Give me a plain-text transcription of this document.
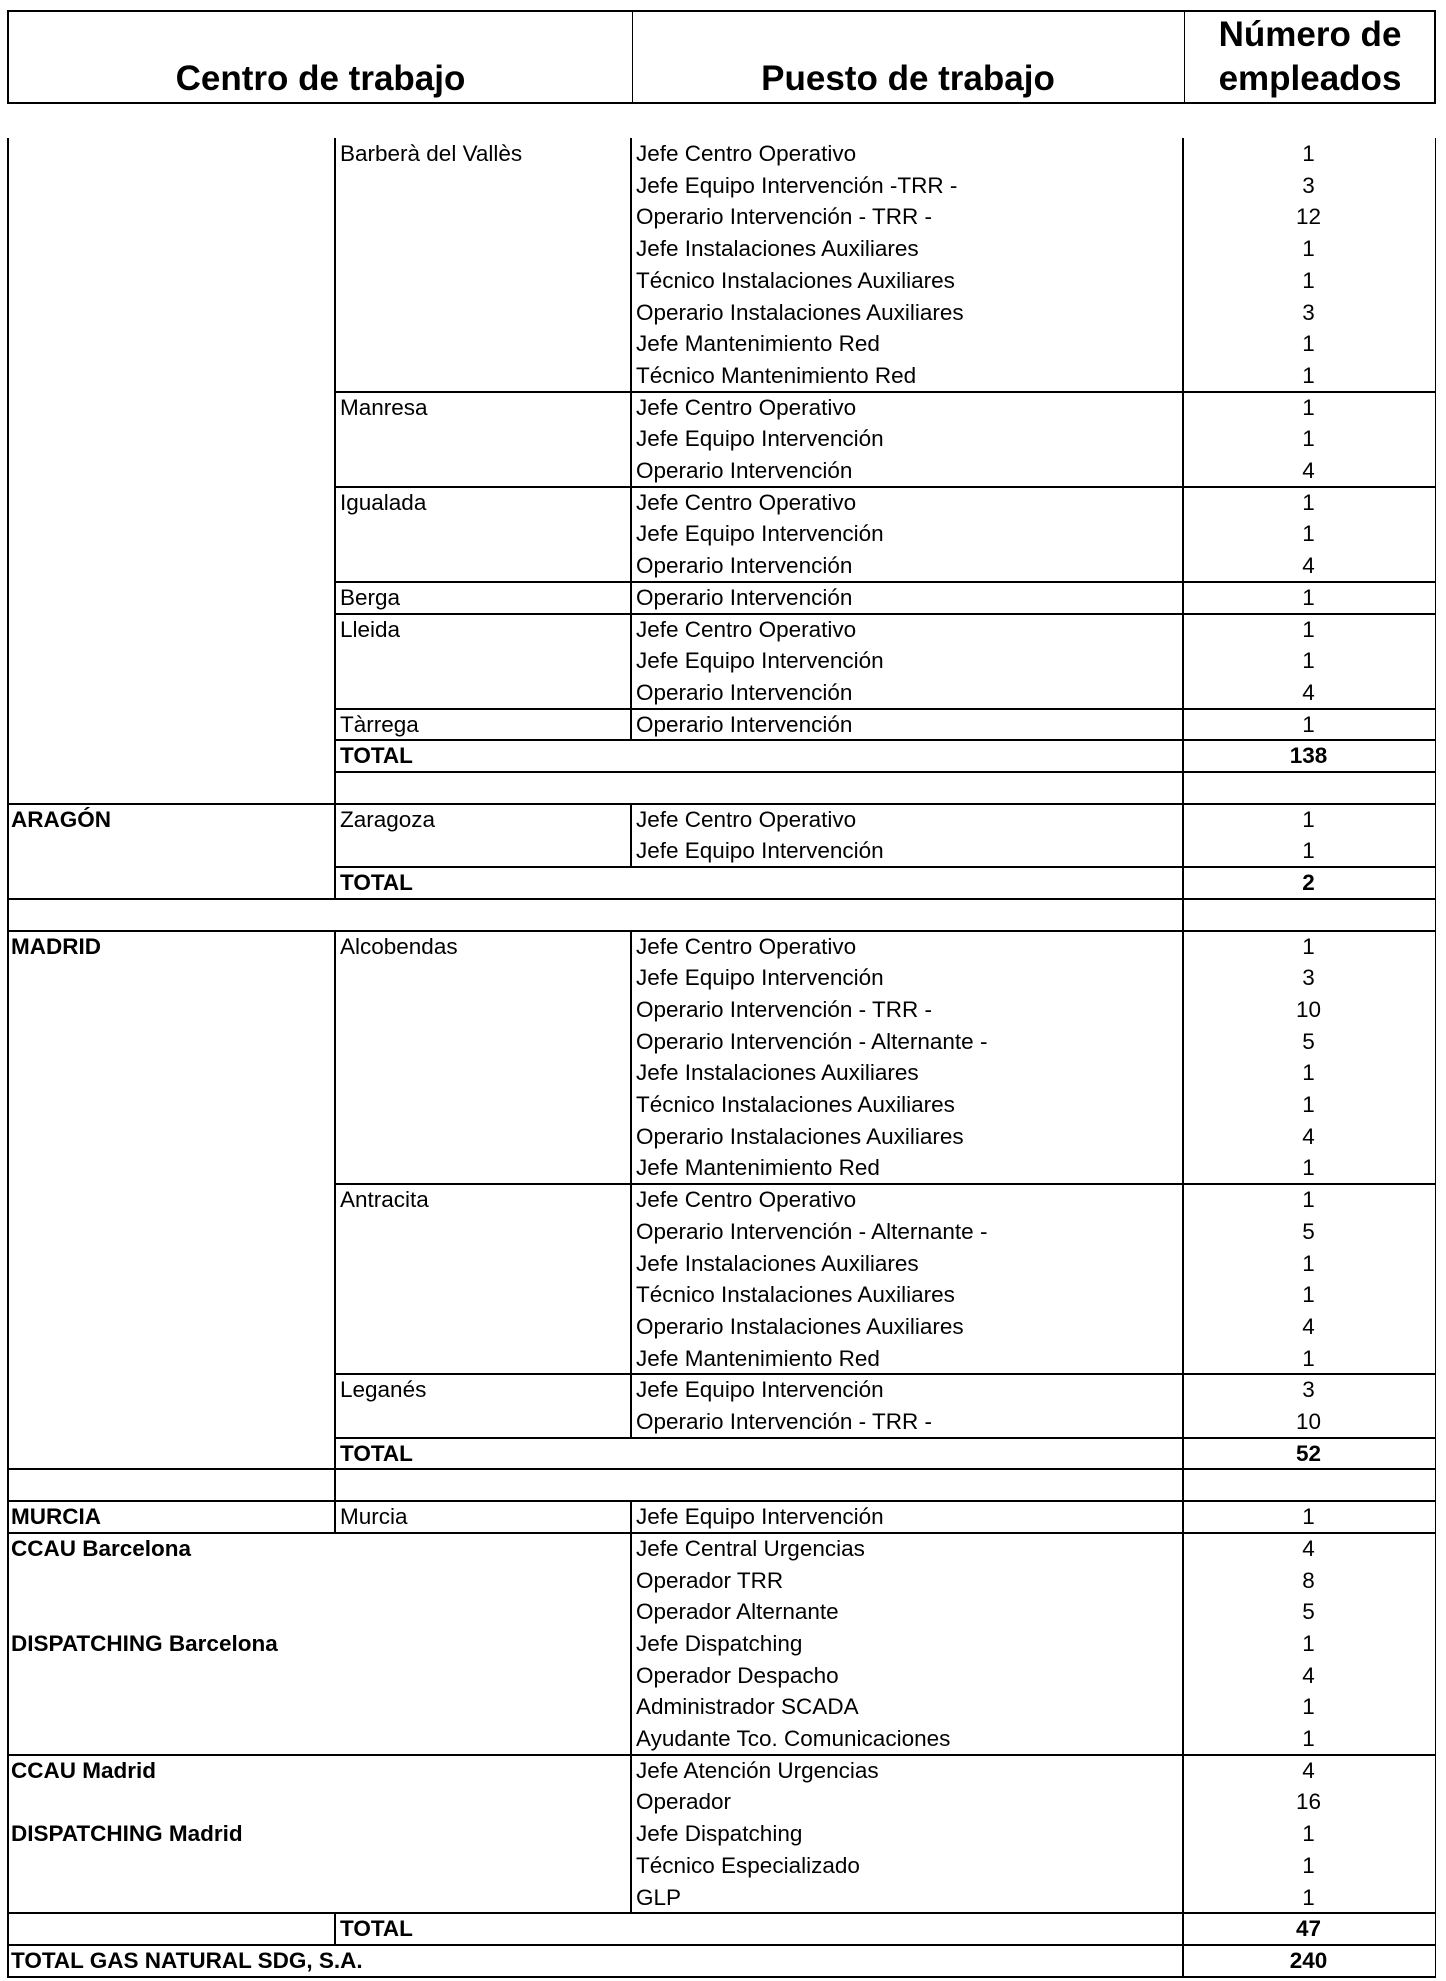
Centro de trabajo	Puesto de trabajo
Número de
empleados
Barberà del Vallès	Jefe Centro Operativo	1
Jefe Equipo Intervención -TRR -	3
Operario Intervención - TRR -	12
Jefe Instalaciones Auxiliares	1
Técnico Instalaciones Auxiliares	1
Operario Instalaciones Auxiliares	3
Jefe Mantenimiento Red	1
Técnico Mantenimiento Red	1
Manresa	Jefe Centro Operativo	1
Jefe Equipo Intervención	1
Operario Intervención	4
Igualada	Jefe Centro Operativo	1
Jefe Equipo Intervención	1
Operario Intervención	4
Berga	Operario Intervención	1
Lleida	Jefe Centro Operativo	1
Jefe Equipo Intervención	1
Operario Intervención	4
Tàrrega	Operario Intervención	1
TOTAL	138
ARAGÓN	Zaragoza	Jefe Centro Operativo	1
Jefe Equipo Intervención	1
TOTAL	2
MADRID	Alcobendas	Jefe Centro Operativo	1
Jefe Equipo Intervención	3
Operario Intervención - TRR -	10
Operario Intervención - Alternante -	5
Jefe Instalaciones Auxiliares	1
Técnico Instalaciones Auxiliares	1
Operario Instalaciones Auxiliares	4
Jefe Mantenimiento Red	1
Antracita	Jefe Centro Operativo	1
Operario Intervención - Alternante -	5
Jefe Instalaciones Auxiliares	1
Técnico Instalaciones Auxiliares	1
Operario Instalaciones Auxiliares	4
Jefe Mantenimiento Red	1
Leganés	Jefe Equipo Intervención	3
Operario Intervención - TRR -	10
TOTAL	52
MURCIA	Murcia	Jefe Equipo Intervención	1
CCAU Barcelona	Jefe Central Urgencias	4
Operador TRR	8
Operador Alternante	5
DISPATCHING Barcelona	Jefe Dispatching	1
Operador Despacho	4
Administrador SCADA	1
Ayudante Tco. Comunicaciones	1
CCAU Madrid	Jefe Atención Urgencias	4
Operador	16
DISPATCHING Madrid	Jefe Dispatching	1
Técnico Especializado	1
GLP	1
TOTAL	47
TOTAL GAS NATURAL SDG, S.A.	240
